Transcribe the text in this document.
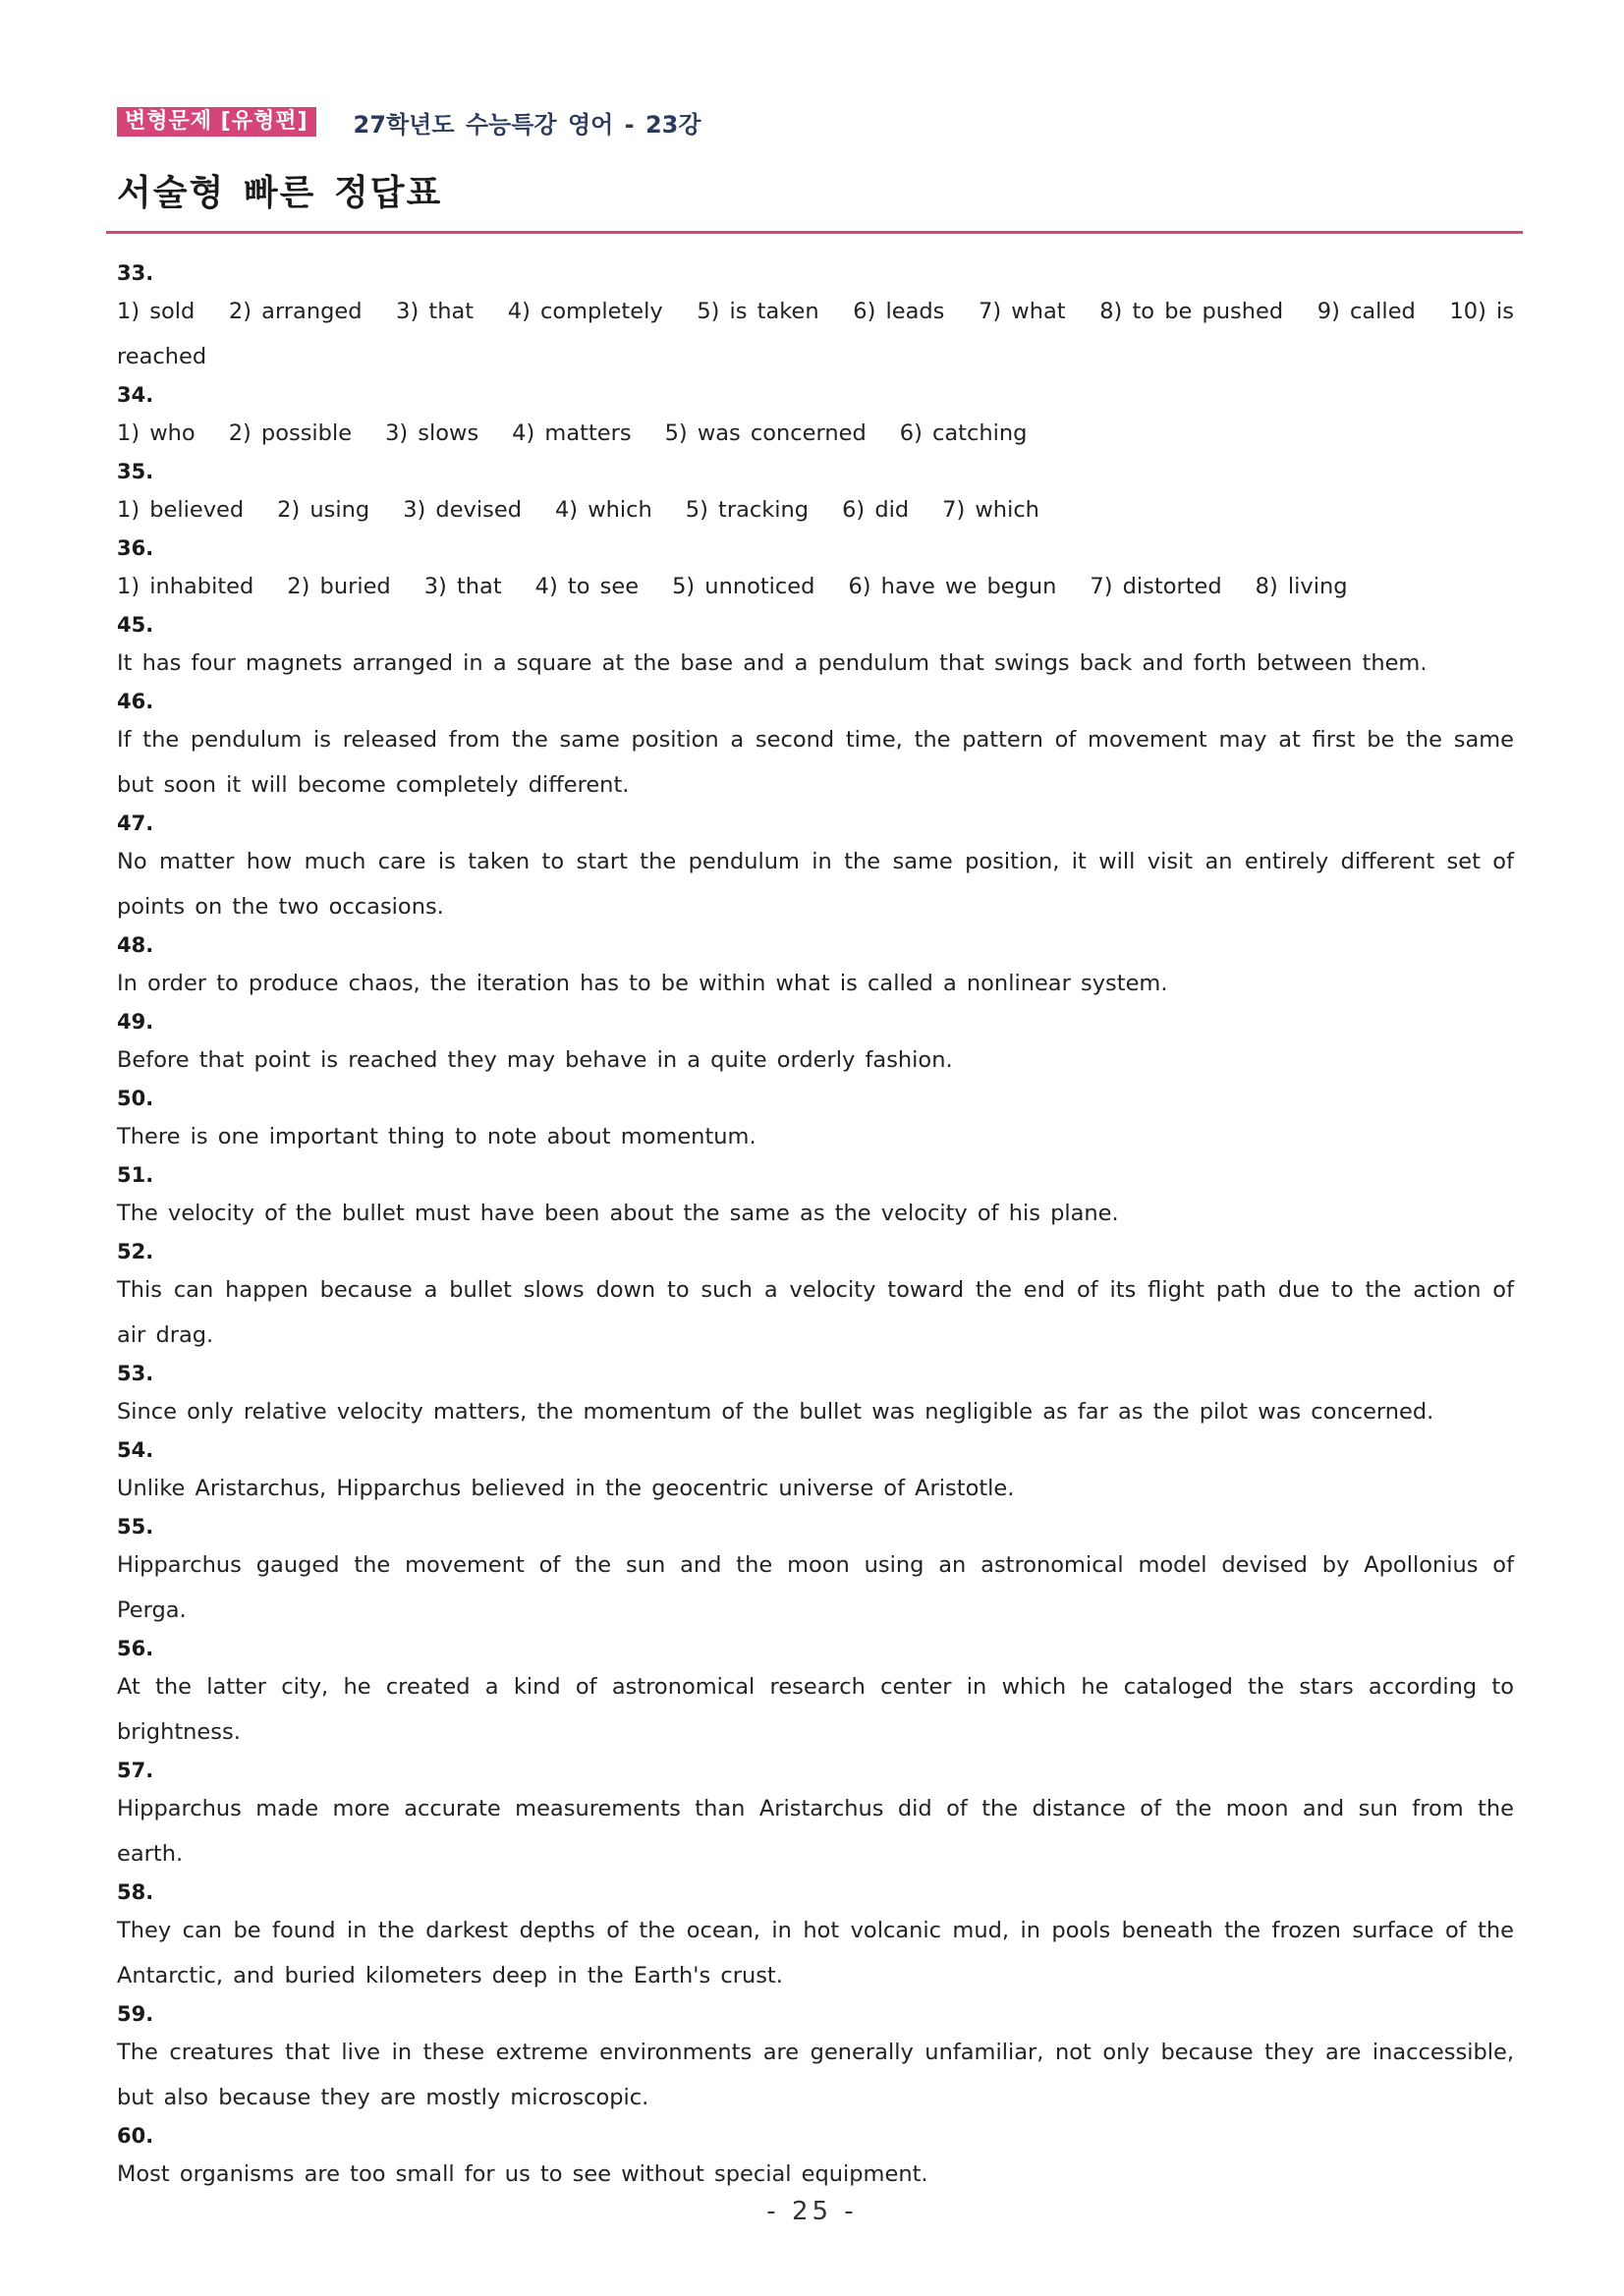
변형문제 [유형편]	27학년도 수능특강 영어 - 23강
서술형 빠른 정답표
33.
1) sold 2) arranged 3) that 4) completely 5) is taken 6) leads 7) what 8) to be pushed 9) called 10) is
reached
34.
1) who 2) possible 3) slows 4) matters 5) was concerned 6) catching
35.
1) believed 2) using 3) devised 4) which 5) tracking 6) did 7) which
36.
1) inhabited 2) buried 3) that 4) to see 5) unnoticed 6) have we begun 7) distorted 8) living
45.
It has four magnets arranged in a square at the base and a pendulum that swings back and forth between them.
46.
If the pendulum is released from the same position a second time, the pattern of movement may at first be the same but soon it will become completely different.
47.
No matter how much care is taken to start the pendulum in the same position, it will visit an entirely different set of points on the two occasions.
48.
In order to produce chaos, the iteration has to be within what is called a nonlinear system.
49.
Before that point is reached they may behave in a quite orderly fashion.
50.
There is one important thing to note about momentum.
51.
The velocity of the bullet must have been about the same as the velocity of his plane.
52.
This can happen because a bullet slows down to such a velocity toward the end of its flight path due to the action of air drag.
53.
Since only relative velocity matters, the momentum of the bullet was negligible as far as the pilot was concerned.
54.
Unlike Aristarchus, Hipparchus believed in the geocentric universe of Aristotle.
55.
Hipparchus gauged the movement of the sun and the moon using an astronomical model devised by Apollonius of Perga.
56.
At the latter city, he created a kind of astronomical research center in which he cataloged the stars according to brightness.
57.
Hipparchus made more accurate measurements than Aristarchus did of the distance of the moon and sun from the earth.
58.
They can be found in the darkest depths of the ocean, in hot volcanic mud, in pools beneath the frozen surface of the Antarctic, and buried kilometers deep in the Earth's crust.
59.
The creatures that live in these extreme environments are generally unfamiliar, not only because they are inaccessible, but also because they are mostly microscopic.
60.
Most organisms are too small for us to see without special equipment.
- 25 -
